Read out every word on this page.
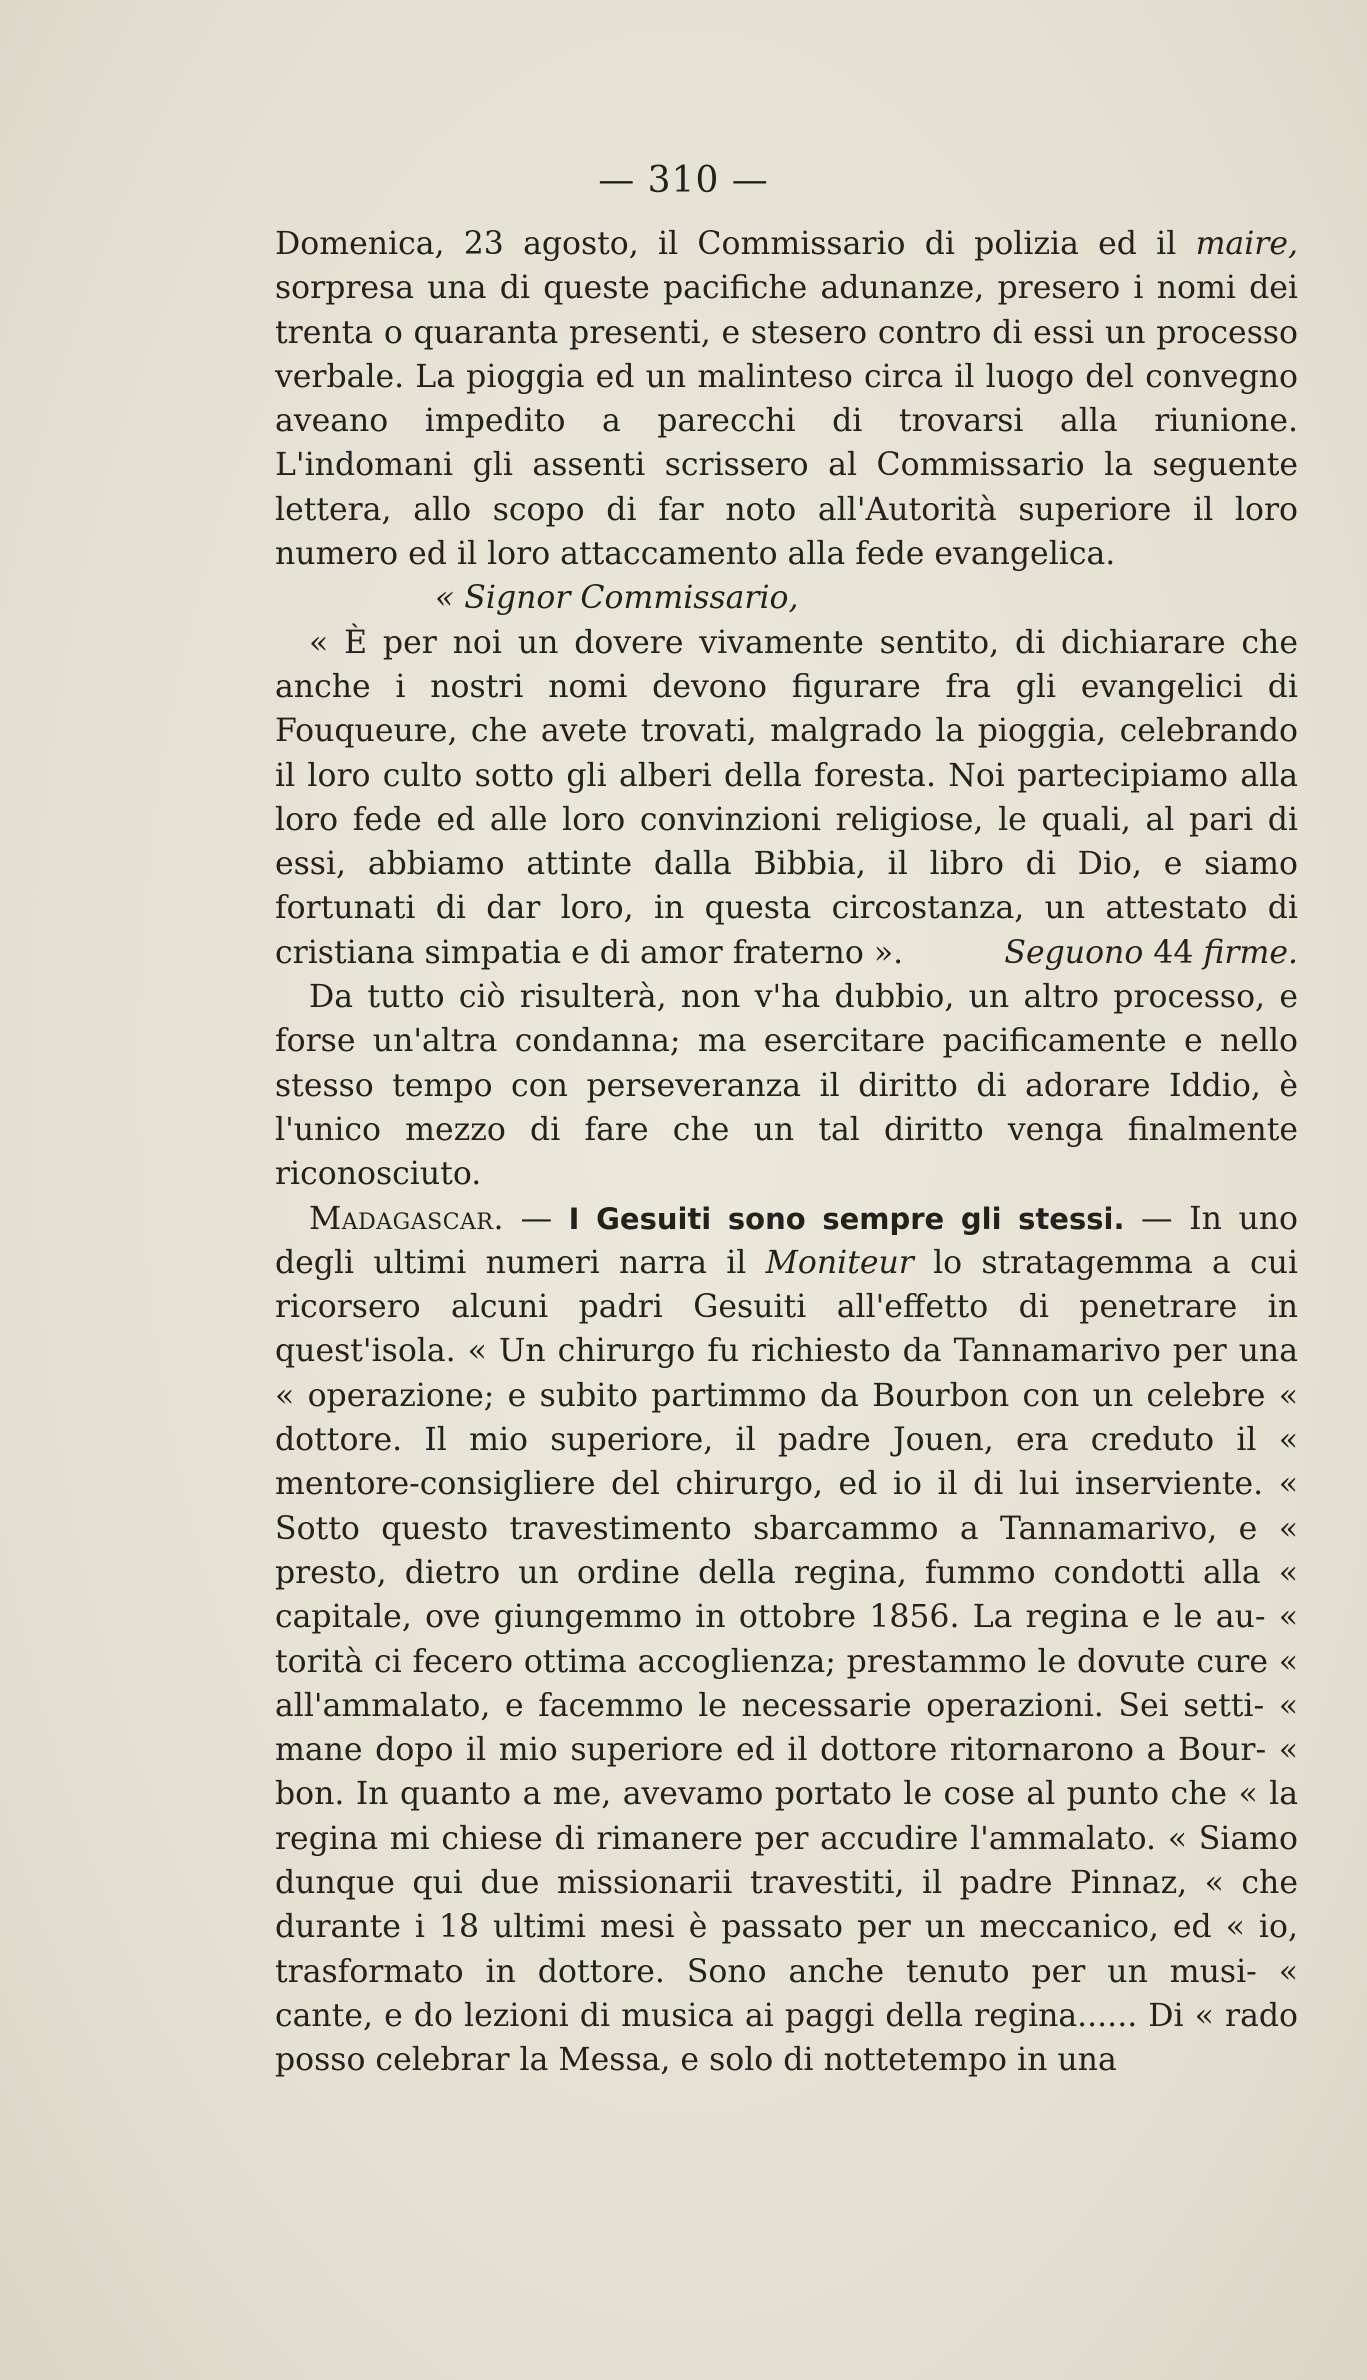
— 310 —

Domenica, 23 agosto, il Commissario di polizia ed il maire, sorpresa una di queste pacifiche adunanze, presero i nomi dei trenta o quaranta presenti, e stesero contro di essi un processo verbale. La pioggia ed un malinteso circa il luogo del convegno aveano impedito a parecchi di trovarsi alla riunione. L'indomani gli assenti scrissero al Commissario la seguente lettera, allo scopo di far noto all'Autorità superiore il loro numero ed il loro attaccamento alla fede evangelica.

« Signor Commissario,

« È per noi un dovere vivamente sentito, di dichiarare che anche i nostri nomi devono figurare fra gli evangelici di Fouqueure, che avete trovati, malgrado la pioggia, celebrando il loro culto sotto gli alberi della foresta. Noi partecipiamo alla loro fede ed alle loro convinzioni religiose, le quali, al pari di essi, abbiamo attinte dalla Bibbia, il libro di Dio, e siamo fortunati di dar loro, in questa circostanza, un attestato di cristiana simpatia e di amor fraterno ».	Seguono 44 firme.

Da tutto ciò risulterà, non v'ha dubbio, un altro processo, e forse un'altra condanna; ma esercitare pacificamente e nello stesso tempo con perseveranza il diritto di adorare Iddio, è l'unico mezzo di fare che un tal diritto venga finalmente riconosciuto.

Madagascar. — I Gesuiti sono sempre gli stessi. — In uno degli ultimi numeri narra il Moniteur lo stratagemma a cui ricorsero alcuni padri Gesuiti all'effetto di penetrare in quest'isola. « Un chirurgo fu richiesto da Tannamarivo per una « operazione; e subito partimmo da Bourbon con un celebre « dottore. Il mio superiore, il padre Jouen, era creduto il « mentore-consigliere del chirurgo, ed io il di lui inserviente. « Sotto questo travestimento sbarcammo a Tannamarivo, e « presto, dietro un ordine della regina, fummo condotti alla « capitale, ove giungemmo in ottobre 1856. La regina e le au- « torità ci fecero ottima accoglienza; prestammo le dovute cure « all'ammalato, e facemmo le necessarie operazioni. Sei setti- « mane dopo il mio superiore ed il dottore ritornarono a Bour- « bon. In quanto a me, avevamo portato le cose al punto che « la regina mi chiese di rimanere per accudire l'ammalato. « Siamo dunque qui due missionarii travestiti, il padre Pinnaz, « che durante i 18 ultimi mesi è passato per un meccanico, ed « io, trasformato in dottore. Sono anche tenuto per un musi- « cante, e do lezioni di musica ai paggi della regina...... Di « rado posso celebrar la Messa, e solo di nottetempo in una
